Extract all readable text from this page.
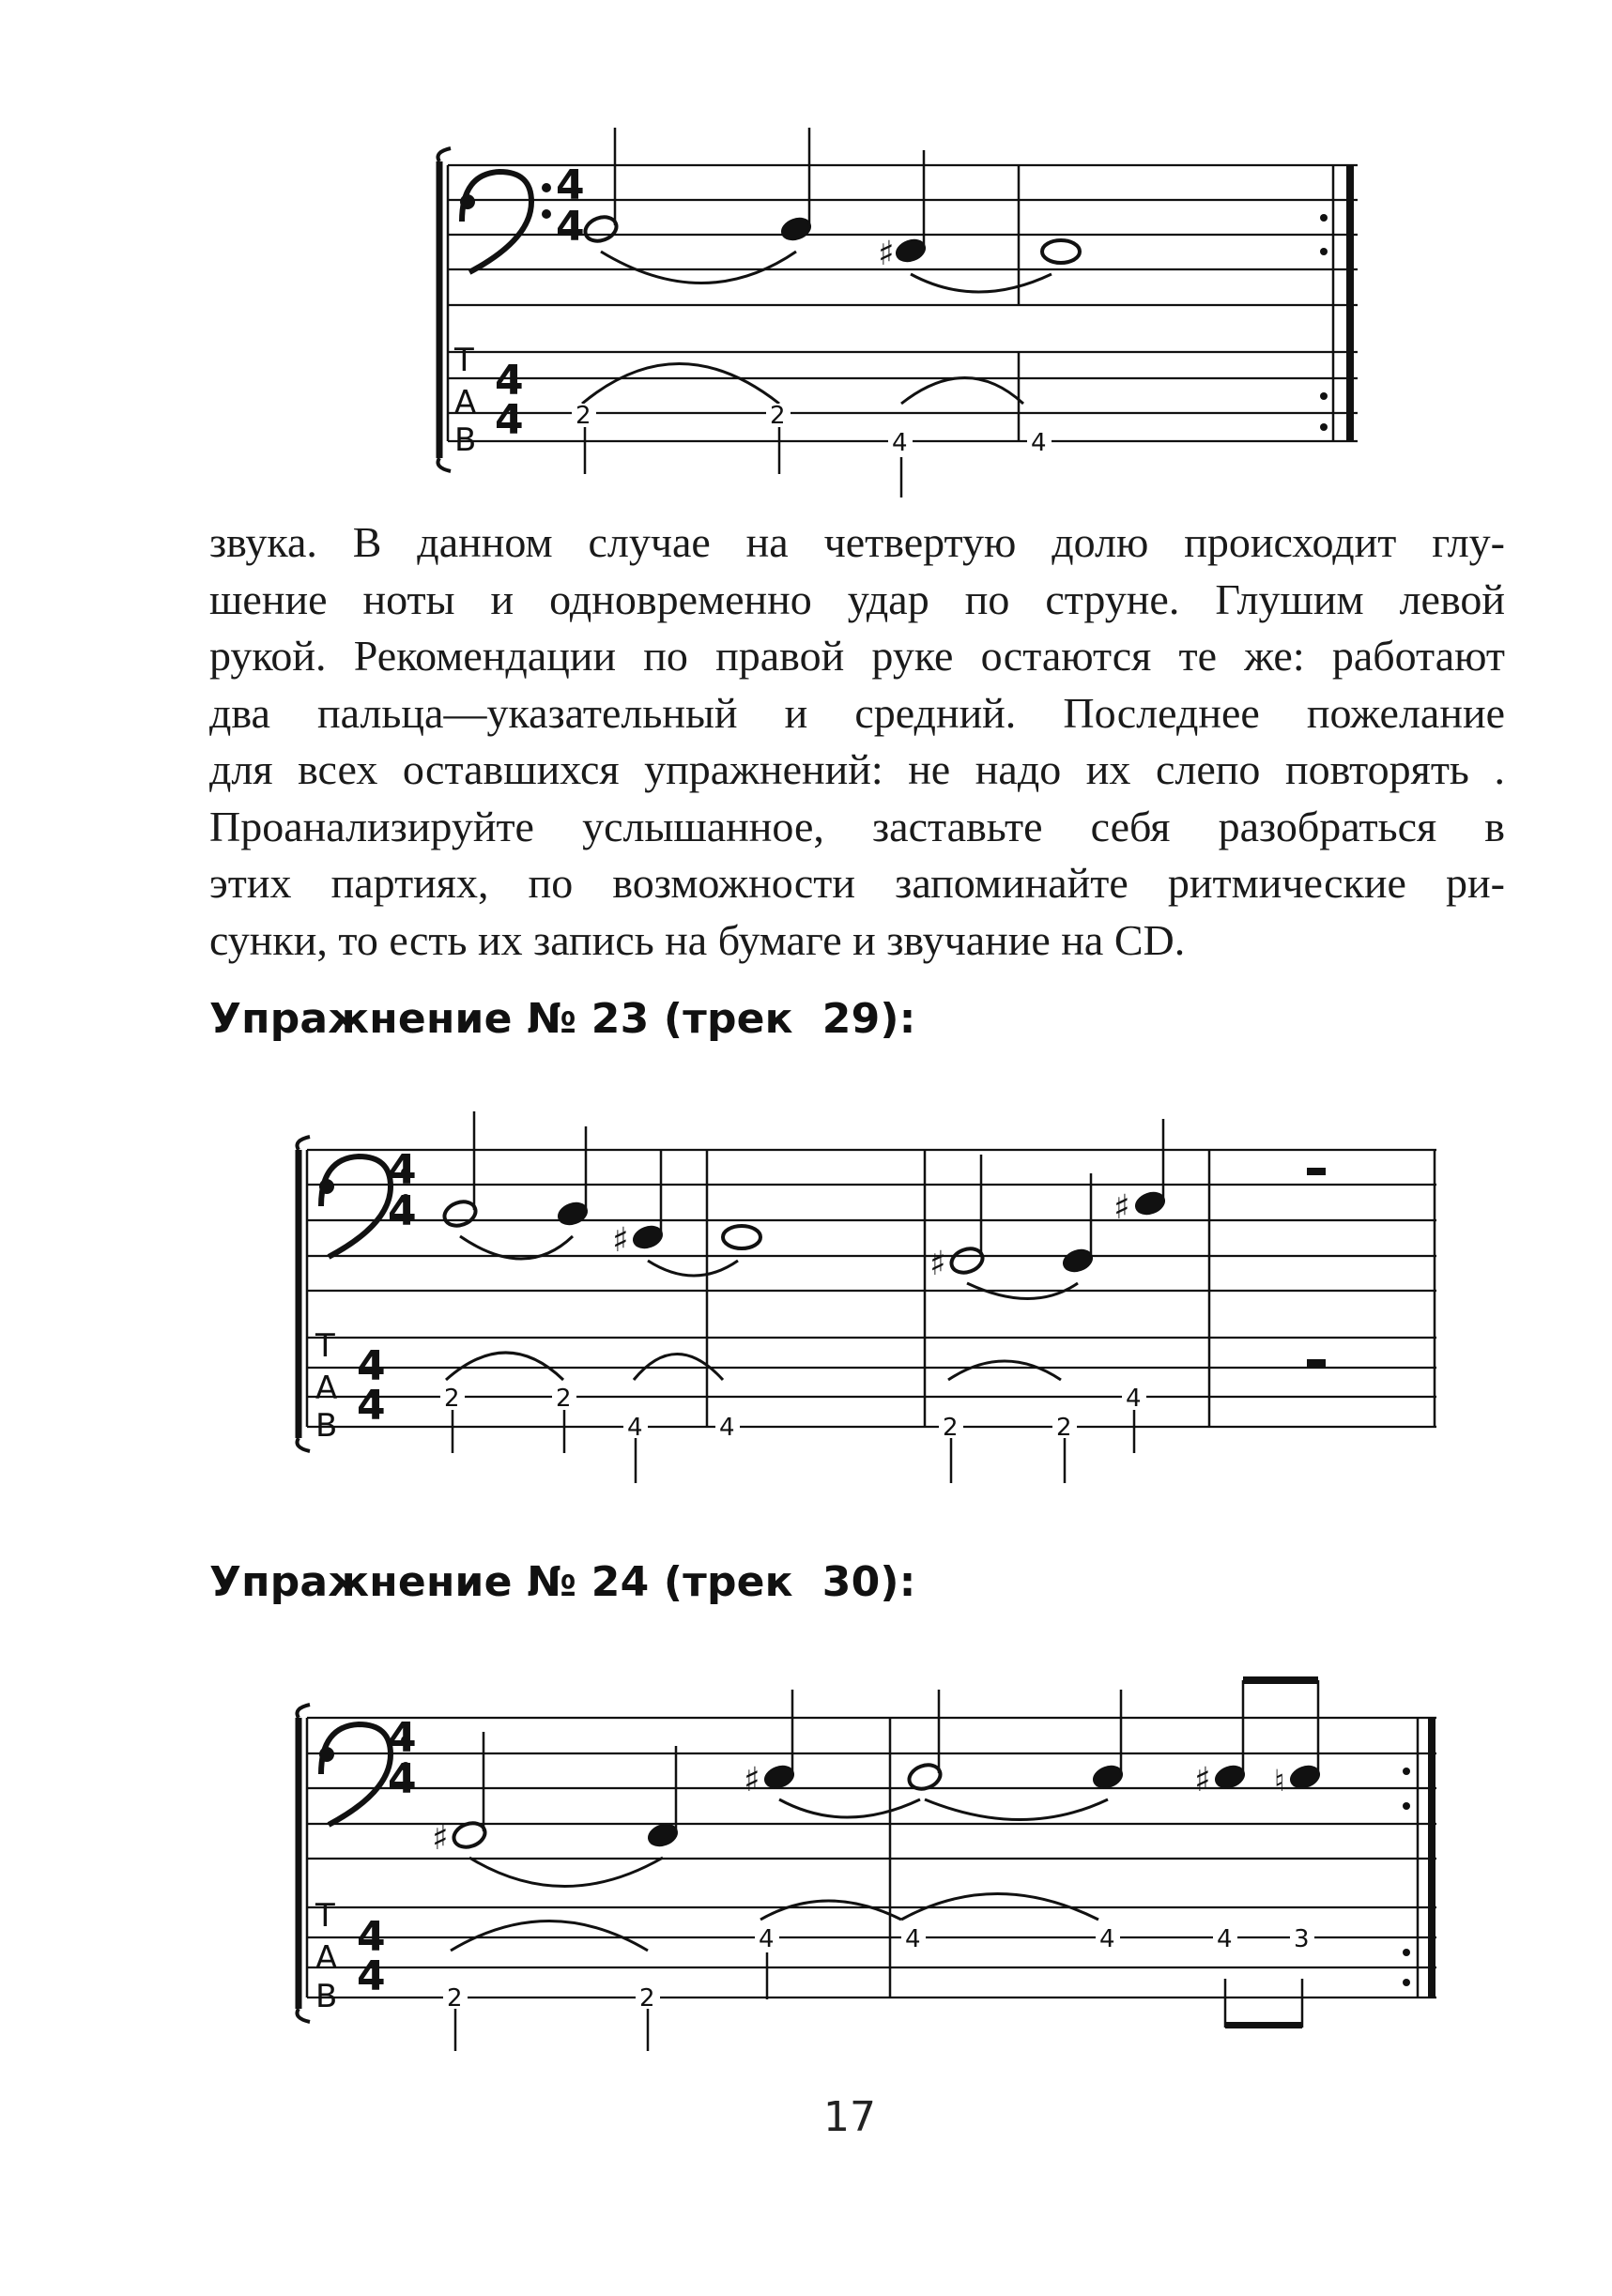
4
4
4
4
T
A
B
♯
2	2
4	4
звука. В данном случае на четвертую долю происходит глу-
шение ноты и одновременно удар по струне. Глушим левой
рукой. Рекомендации по правой руке остаются те же: работают
два пальца—указательный и средний. Последнее пожелание
для всех оставшихся упражнений: не надо их слепо повторять .
Проанализируйте услышанное, заставьте себя разобраться в
этих партиях, по возможности запоминайте ритмические ри-
сунки, то есть их запись на бумаге и звучание на CD.
Упражнение № 23 (трек  29):
4
4
4
4
T
A
B
♯
♯
♯
2	2
4	4	2	2
4
Упражнение № 24 (трек  30):
4
4
4
4
T
A
B
♯
♯	♯ ♮
2	2
4	4	4	4	3
17
